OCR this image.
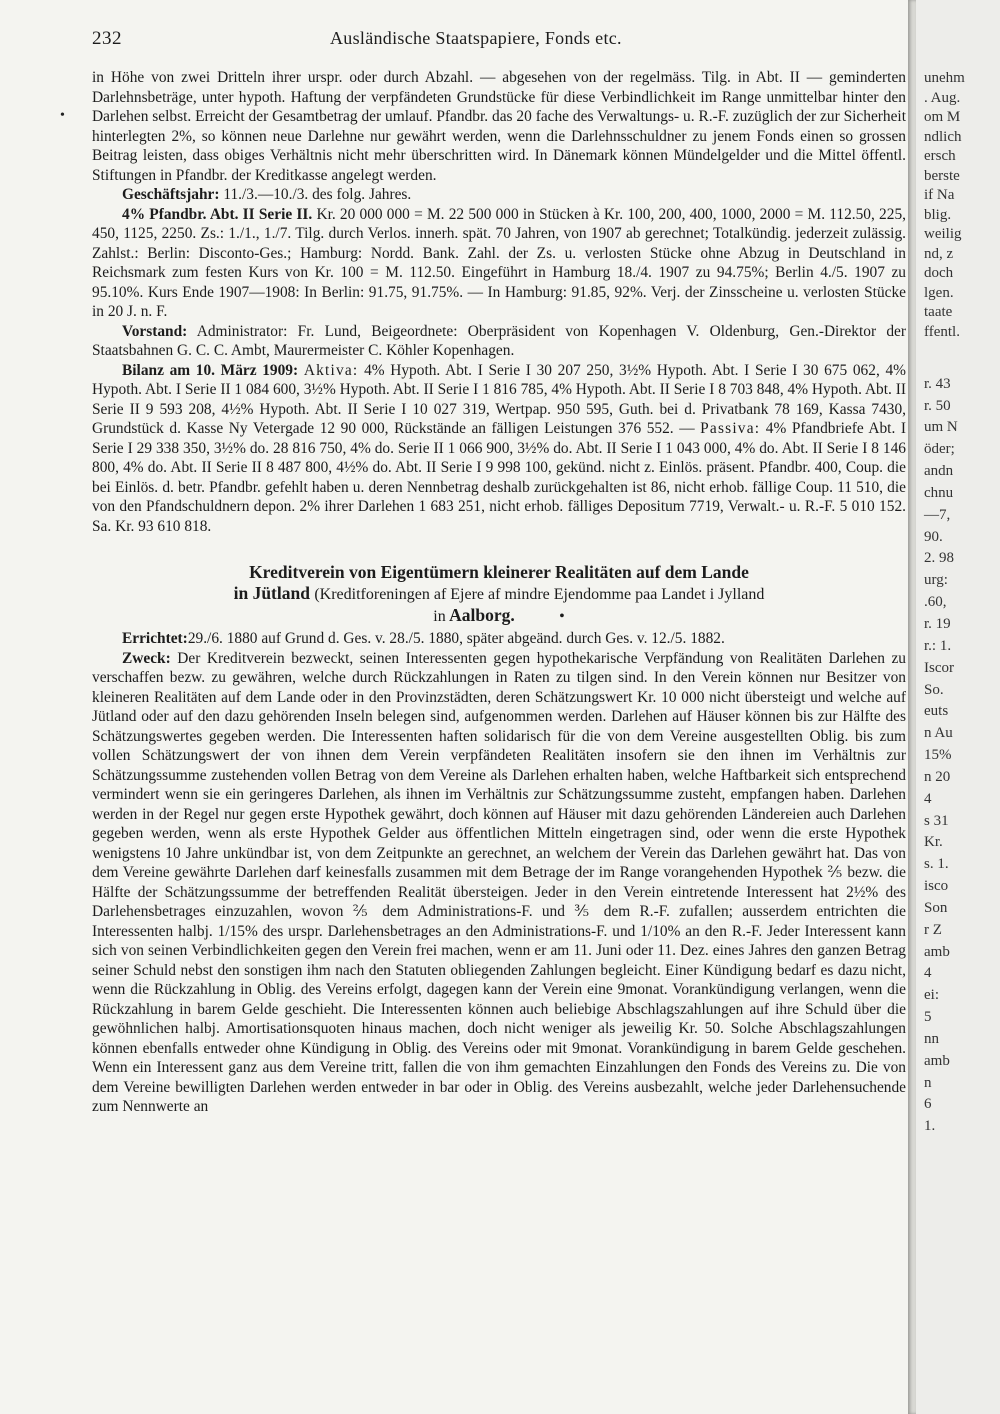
232	Ausländische Staatspapiere, Fonds etc.
•

in Höhe von zwei Dritteln ihrer urspr. oder durch Abzahl. — abgesehen von der regelmäss. Tilg. in Abt. II — geminderten Darlehnsbeträge, unter hypoth. Haftung der verpfändeten Grundstücke für diese Verbindlichkeit im Range unmittelbar hinter den Darlehen selbst. Erreicht der Gesamtbetrag der umlauf. Pfandbr. das 20 fache des Verwaltungs- u. R.-F. zuzüglich der zur Sicherheit hinterlegten 2%, so können neue Darlehne nur gewährt werden, wenn die Darlehnsschuldner zu jenem Fonds einen so grossen Beitrag leisten, dass obiges Verhältnis nicht mehr überschritten wird. In Dänemark können Mündelgelder und die Mittel öffentl. Stiftungen in Pfandbr. der Kreditkasse angelegt werden.

Geschäftsjahr: 11./3.—10./3. des folg. Jahres.

4% Pfandbr. Abt. II Serie II. Kr. 20 000 000 = M. 22 500 000 in Stücken à Kr. 100, 200, 400, 1000, 2000 = M. 112.50, 225, 450, 1125, 2250. Zs.: 1./1., 1./7. Tilg. durch Verlos. innerh. spät. 70 Jahren, von 1907 ab gerechnet; Totalkündig. jederzeit zulässig. Zahlst.: Berlin: Disconto-Ges.; Hamburg: Nordd. Bank. Zahl. der Zs. u. verlosten Stücke ohne Abzug in Deutschland in Reichsmark zum festen Kurs von Kr. 100 = M. 112.50. Eingeführt in Hamburg 18./4. 1907 zu 94.75%; Berlin 4./5. 1907 zu 95.10%. Kurs Ende 1907—1908: In Berlin: 91.75, 91.75%. — In Hamburg: 91.85, 92%. Verj. der Zinsscheine u. verlosten Stücke in 20 J. n. F.

Vorstand: Administrator: Fr. Lund, Beigeordnete: Oberpräsident von Kopenhagen V. Oldenburg, Gen.-Direktor der Staatsbahnen G. C. C. Ambt, Maurermeister C. Köhler Kopenhagen.

Bilanz am 10. März 1909: Aktiva: 4% Hypoth. Abt. I Serie I 30 207 250, 3½% Hypoth. Abt. I Serie I 30 675 062, 4% Hypoth. Abt. I Serie II 1 084 600, 3½% Hypoth. Abt. II Serie I 1 816 785, 4% Hypoth. Abt. II Serie I 8 703 848, 4% Hypoth. Abt. II Serie II 9 593 208, 4½% Hypoth. Abt. II Serie I 10 027 319, Wertpap. 950 595, Guth. bei d. Privatbank 78 169, Kassa 7430, Grundstück d. Kasse Ny Vetergade 12 90 000, Rückstände an fälligen Leistungen 376 552. — Passiva: 4% Pfandbriefe Abt. I Serie I 29 338 350, 3½% do. 28 816 750, 4% do. Serie II 1 066 900, 3½% do. Abt. II Serie I 1 043 000, 4% do. Abt. II Serie I 8 146 800, 4% do. Abt. II Serie II 8 487 800, 4½% do. Abt. II Serie I 9 998 100, gekünd. nicht z. Einlös. präsent. Pfandbr. 400, Coup. die bei Einlös. d. betr. Pfandbr. gefehlt haben u. deren Nennbetrag deshalb zurückgehalten ist 86, nicht erhob. fällige Coup. 11 510, die von den Pfandschuldnern depon. 2% ihrer Darlehen 1 683 251, nicht erhob. fälliges Depositum 7719, Verwalt.- u. R.-F. 5 010 152. Sa. Kr. 93 610 818.

Kreditverein von Eigentümern kleinerer Realitäten auf dem Lande
in Jütland (Kreditforeningen af Ejere af mindre Ejendomme paa Landet i Jylland
in Aalborg.	•

Errichtet:29./6. 1880 auf Grund d. Ges. v. 28./5. 1880, später abgeänd. durch Ges. v. 12./5. 1882.

Zweck: Der Kreditverein bezweckt, seinen Interessenten gegen hypothekarische Verpfändung von Realitäten Darlehen zu verschaffen bezw. zu gewähren, welche durch Rückzahlungen in Raten zu tilgen sind. In den Verein können nur Besitzer von kleineren Realitäten auf dem Lande oder in den Provinzstädten, deren Schätzungswert Kr. 10 000 nicht übersteigt und welche auf Jütland oder auf den dazu gehörenden Inseln belegen sind, aufgenommen werden. Darlehen auf Häuser können bis zur Hälfte des Schätzungswertes gegeben werden. Die Interessenten haften solidarisch für die von dem Vereine ausgestellten Oblig. bis zum vollen Schätzungswert der von ihnen dem Verein verpfändeten Realitäten insofern sie den ihnen im Verhältnis zur Schätzungssumme zustehenden vollen Betrag von dem Vereine als Darlehen erhalten haben, welche Haftbarkeit sich entsprechend vermindert wenn sie ein geringeres Darlehen, als ihnen im Verhältnis zur Schätzungssumme zusteht, empfangen haben. Darlehen werden in der Regel nur gegen erste Hypothek gewährt, doch können auf Häuser mit dazu gehörenden Ländereien auch Darlehen gegeben werden, wenn als erste Hypothek Gelder aus öffentlichen Mitteln eingetragen sind, oder wenn die erste Hypothek wenigstens 10 Jahre unkündbar ist, von dem Zeitpunkte an gerechnet, an welchem der Verein das Darlehen gewährt hat. Das von dem Vereine gewährte Darlehen darf keinesfalls zusammen mit dem Betrage der im Range vorangehenden Hypothek ⅖ bezw. die Hälfte der Schätzungssumme der betreffenden Realität übersteigen. Jeder in den Verein eintretende Interessent hat 2½% des Darlehensbetrages einzuzahlen, wovon ⅖ dem Administrations-F. und ⅗ dem R.-F. zufallen; ausserdem entrichten die Interessenten halbj. 1/15% des urspr. Darlehensbetrages an den Administrations-F. und 1/10% an den R.-F. Jeder Interessent kann sich von seinen Verbindlichkeiten gegen den Verein frei machen, wenn er am 11. Juni oder 11. Dez. eines Jahres den ganzen Betrag seiner Schuld nebst den sonstigen ihm nach den Statuten obliegenden Zahlungen begleicht. Einer Kündigung bedarf es dazu nicht, wenn die Rückzahlung in Oblig. des Vereins erfolgt, dagegen kann der Verein eine 9monat. Vorankündigung verlangen, wenn die Rückzahlung in barem Gelde geschieht. Die Interessenten können auch beliebige Abschlagszahlungen auf ihre Schuld über die gewöhnlichen halbj. Amortisationsquoten hinaus machen, doch nicht weniger als jeweilig Kr. 50. Solche Abschlagszahlungen können ebenfalls entweder ohne Kündigung in Oblig. des Vereins oder mit 9monat. Vorankündigung in barem Gelde geschehen. Wenn ein Interessent ganz aus dem Vereine tritt, fallen die von ihm gemachten Einzahlungen den Fonds des Vereins zu. Die von dem Vereine bewilligten Darlehen werden entweder in bar oder in Oblig. des Vereins ausbezahlt, welche jeder Darlehensuchende zum Nennwerte an

unehm
. Aug.
om M
ndlich
ersch
berste
if Na
blig.
weilig
nd, z
doch
lgen.
taate
ffentl.
r. 43
r. 50
um N
öder;
andn
chnu
—7,
90.
2. 98
urg:
.60,
r. 19
r.: 1.
Iscor
So.
euts
n Au
15%
n 20
4
s 31
Kr.
s. 1.
isco
Son
r Z
amb
4
ei:
5
nn
amb
n
6
1.
